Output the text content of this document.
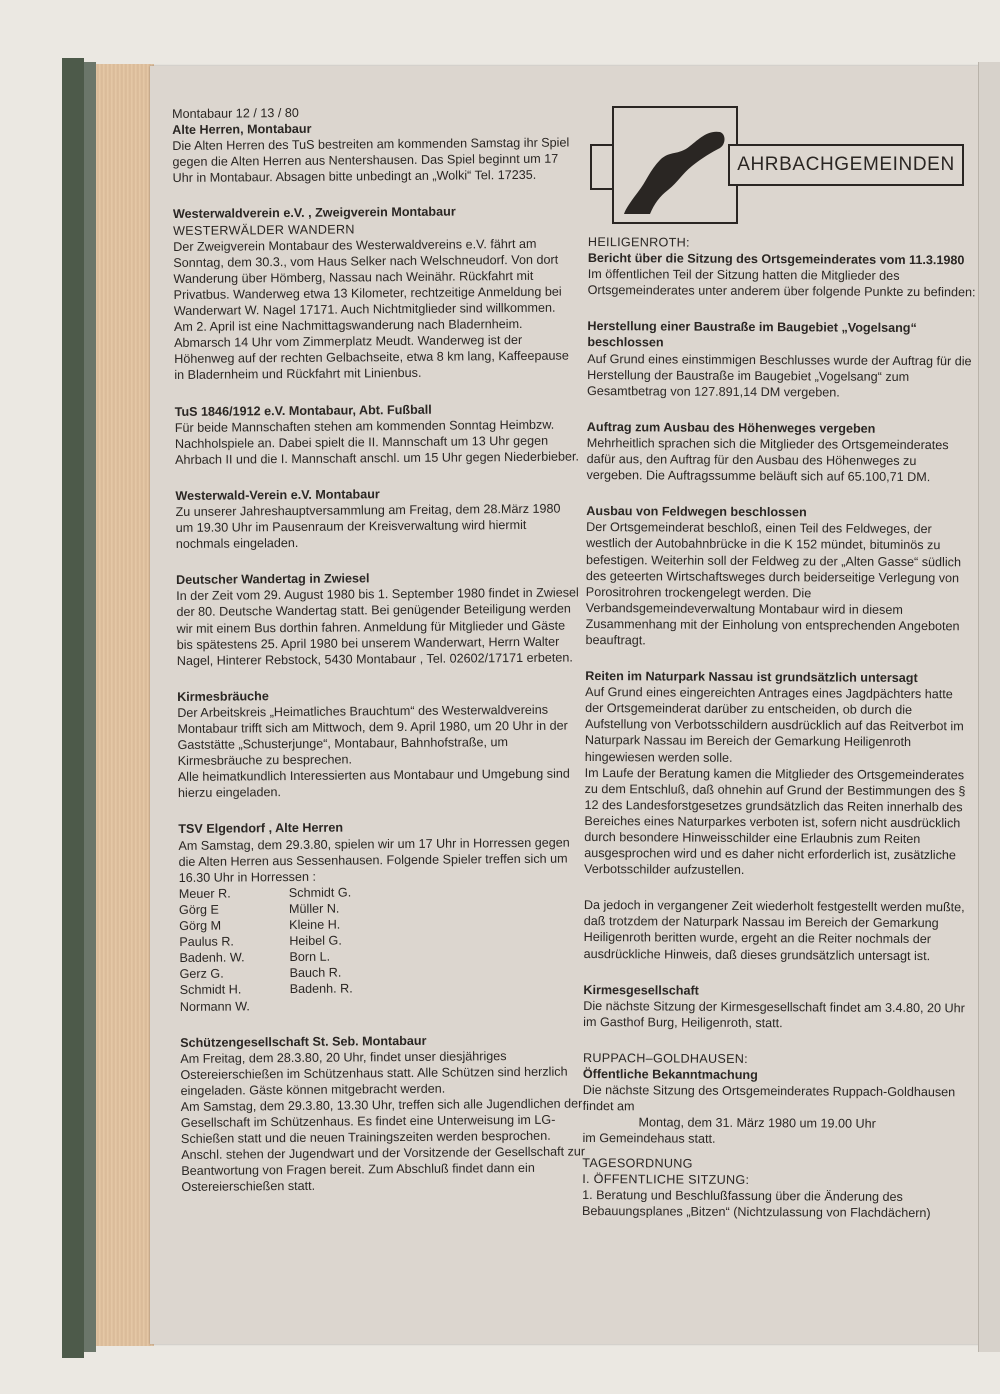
AHRBACHGEMEINDEN

Montabaur 12 / 13 / 80

Alte Herren, Montabaur

Die Alten Herren des TuS bestreiten am kommenden Samstag ihr Spiel gegen die Alten Herren aus Nentershausen. Das Spiel beginnt um 17 Uhr in Montabaur. Absagen bitte unbedingt an „Wolki“ Tel. 17235.

Westerwaldverein e.V. , Zweigverein Montabaur

WESTERWÄLDER WANDERN

Der Zweigverein Montabaur des Westerwaldvereins e.V. fährt am Sonntag, dem 30.3., vom Haus Selker nach Welschneudorf. Von dort Wanderung über Hömberg, Nassau nach Weinähr. Rückfahrt mit Privatbus. Wanderweg etwa 13 Kilometer, rechtzeitige Anmeldung bei Wanderwart W. Nagel 17171. Auch Nichtmitglieder sind willkommen.

Am 2. April ist eine Nachmittagswanderung nach Bladernheim. Abmarsch 14 Uhr vom Zimmerplatz Meudt. Wanderweg ist der Höhenweg auf der rechten Gelbachseite, etwa 8 km lang, Kaffeepause in Bladernheim und Rückfahrt mit Linienbus.

TuS 1846/1912 e.V. Montabaur, Abt. Fußball

Für beide Mannschaften stehen am kommenden Sonntag Heimbzw. Nachholspiele an. Dabei spielt die II. Mannschaft um 13 Uhr gegen Ahrbach II und die I. Mannschaft anschl. um 15 Uhr gegen Niederbieber.

Westerwald-Verein e.V. Montabaur

Zu unserer Jahreshauptversammlung am Freitag, dem 28.März 1980 um 19.30 Uhr im Pausenraum der Kreisverwaltung wird hiermit nochmals eingeladen.

Deutscher Wandertag in Zwiesel

In der Zeit vom 29. August 1980 bis 1. September 1980 findet in Zwiesel der 80. Deutsche Wandertag statt. Bei genügender Beteiligung werden wir mit einem Bus dorthin fahren. Anmeldung für Mitglieder und Gäste bis spätestens 25. April 1980 bei unserem Wanderwart, Herrn Walter Nagel, Hinterer Rebstock, 5430 Montabaur , Tel. 02602/17171 erbeten.

Kirmesbräuche

Der Arbeitskreis „Heimatliches Brauchtum“ des Westerwaldvereins Montabaur trifft sich am Mittwoch, dem 9. April 1980, um 20 Uhr in der Gaststätte „Schusterjunge“, Montabaur, Bahnhofstraße, um Kirmesbräuche zu besprechen.

Alle heimatkundlich Interessierten aus Montabaur und Umgebung sind hierzu eingeladen.

TSV Elgendorf , Alte Herren

Am Samstag, dem 29.3.80, spielen wir um 17 Uhr in Horressen gegen die Alten Herren aus Sessenhausen. Folgende Spieler treffen sich um 16.30 Uhr in Horressen :

Meuer R.	Schmidt G.
Görg E	Müller N.
Görg M	Kleine H.
Paulus R.	Heibel G.
Badenh. W.	Born L.
Gerz G.	Bauch R.
Schmidt H.	Badenh. R.
Normann W.

Schützengesellschaft St. Seb. Montabaur

Am Freitag, dem 28.3.80, 20 Uhr, findet unser diesjähriges Ostereierschießen im Schützenhaus statt. Alle Schützen sind herzlich eingeladen. Gäste können mitgebracht werden.

Am Samstag, dem 29.3.80, 13.30 Uhr, treffen sich alle Jugendlichen der Gesellschaft im Schützenhaus. Es findet eine Unterweisung im LG-Schießen statt und die neuen Trainingszeiten werden besprochen. Anschl. stehen der Jugendwart und der Vorsitzende der Gesellschaft zur Beantwortung von Fragen bereit. Zum Abschluß findet dann ein Ostereierschießen statt.

HEILIGENROTH:

Bericht über die Sitzung des Ortsgemeinderates vom 11.3.1980

Im öffentlichen Teil der Sitzung hatten die Mitglieder des Ortsgemeinderates unter anderem über folgende Punkte zu befinden:

Herstellung einer Baustraße im Baugebiet „Vogelsang“ beschlossen

Auf Grund eines einstimmigen Beschlusses wurde der Auftrag für die Herstellung der Baustraße im Baugebiet „Vogelsang“ zum Gesamtbetrag von 127.891,14 DM vergeben.

Auftrag zum Ausbau des Höhenweges vergeben

Mehrheitlich sprachen sich die Mitglieder des Ortsgemeinderates dafür aus, den Auftrag für den Ausbau des Höhenweges zu vergeben. Die Auftragssumme beläuft sich auf 65.100,71 DM.

Ausbau von Feldwegen beschlossen

Der Ortsgemeinderat beschloß, einen Teil des Feldweges, der westlich der Autobahnbrücke in die K 152 mündet, bituminös zu befestigen. Weiterhin soll der Feldweg zu der „Alten Gasse“ südlich des geteerten Wirtschaftsweges durch beiderseitige Verlegung von Porositrohren trockengelegt werden. Die Verbandsgemeindeverwaltung Montabaur wird in diesem Zusammenhang mit der Einholung von entsprechenden Angeboten beauftragt.

Reiten im Naturpark Nassau ist grundsätzlich untersagt

Auf Grund eines eingereichten Antrages eines Jagdpächters hatte der Ortsgemeinderat darüber zu entscheiden, ob durch die Aufstellung von Verbotsschildern ausdrücklich auf das Reitverbot im Naturpark Nassau im Bereich der Gemarkung Heiligenroth hingewiesen werden solle.

Im Laufe der Beratung kamen die Mitglieder des Ortsgemeinderates zu dem Entschluß, daß ohnehin auf Grund der Bestimmungen des § 12 des Landesforstgesetzes grundsätzlich das Reiten innerhalb des Bereiches eines Naturparkes verboten ist, sofern nicht ausdrücklich durch besondere Hinweisschilder eine Erlaubnis zum Reiten ausgesprochen wird und es daher nicht erforderlich ist, zusätzliche Verbotsschilder aufzustellen.

Da jedoch in vergangener Zeit wiederholt festgestellt werden mußte, daß trotzdem der Naturpark Nassau im Bereich der Gemarkung Heiligenroth beritten wurde, ergeht an die Reiter nochmals der ausdrückliche Hinweis, daß dieses grundsätzlich untersagt ist.

Kirmesgesellschaft

Die nächste Sitzung der Kirmesgesellschaft findet am 3.4.80, 20 Uhr im Gasthof Burg, Heiligenroth, statt.

RUPPACH–GOLDHAUSEN:

Öffentliche Bekanntmachung

Die nächste Sitzung des Ortsgemeinderates Ruppach-Goldhausen findet am

Montag, dem 31. März 1980 um 19.00 Uhr

im Gemeindehaus statt.

TAGESORDNUNG

I. ÖFFENTLICHE SITZUNG:

1. Beratung und Beschlußfassung über die Änderung des Bebauungsplanes „Bitzen“ (Nichtzulassung von Flachdächern)
